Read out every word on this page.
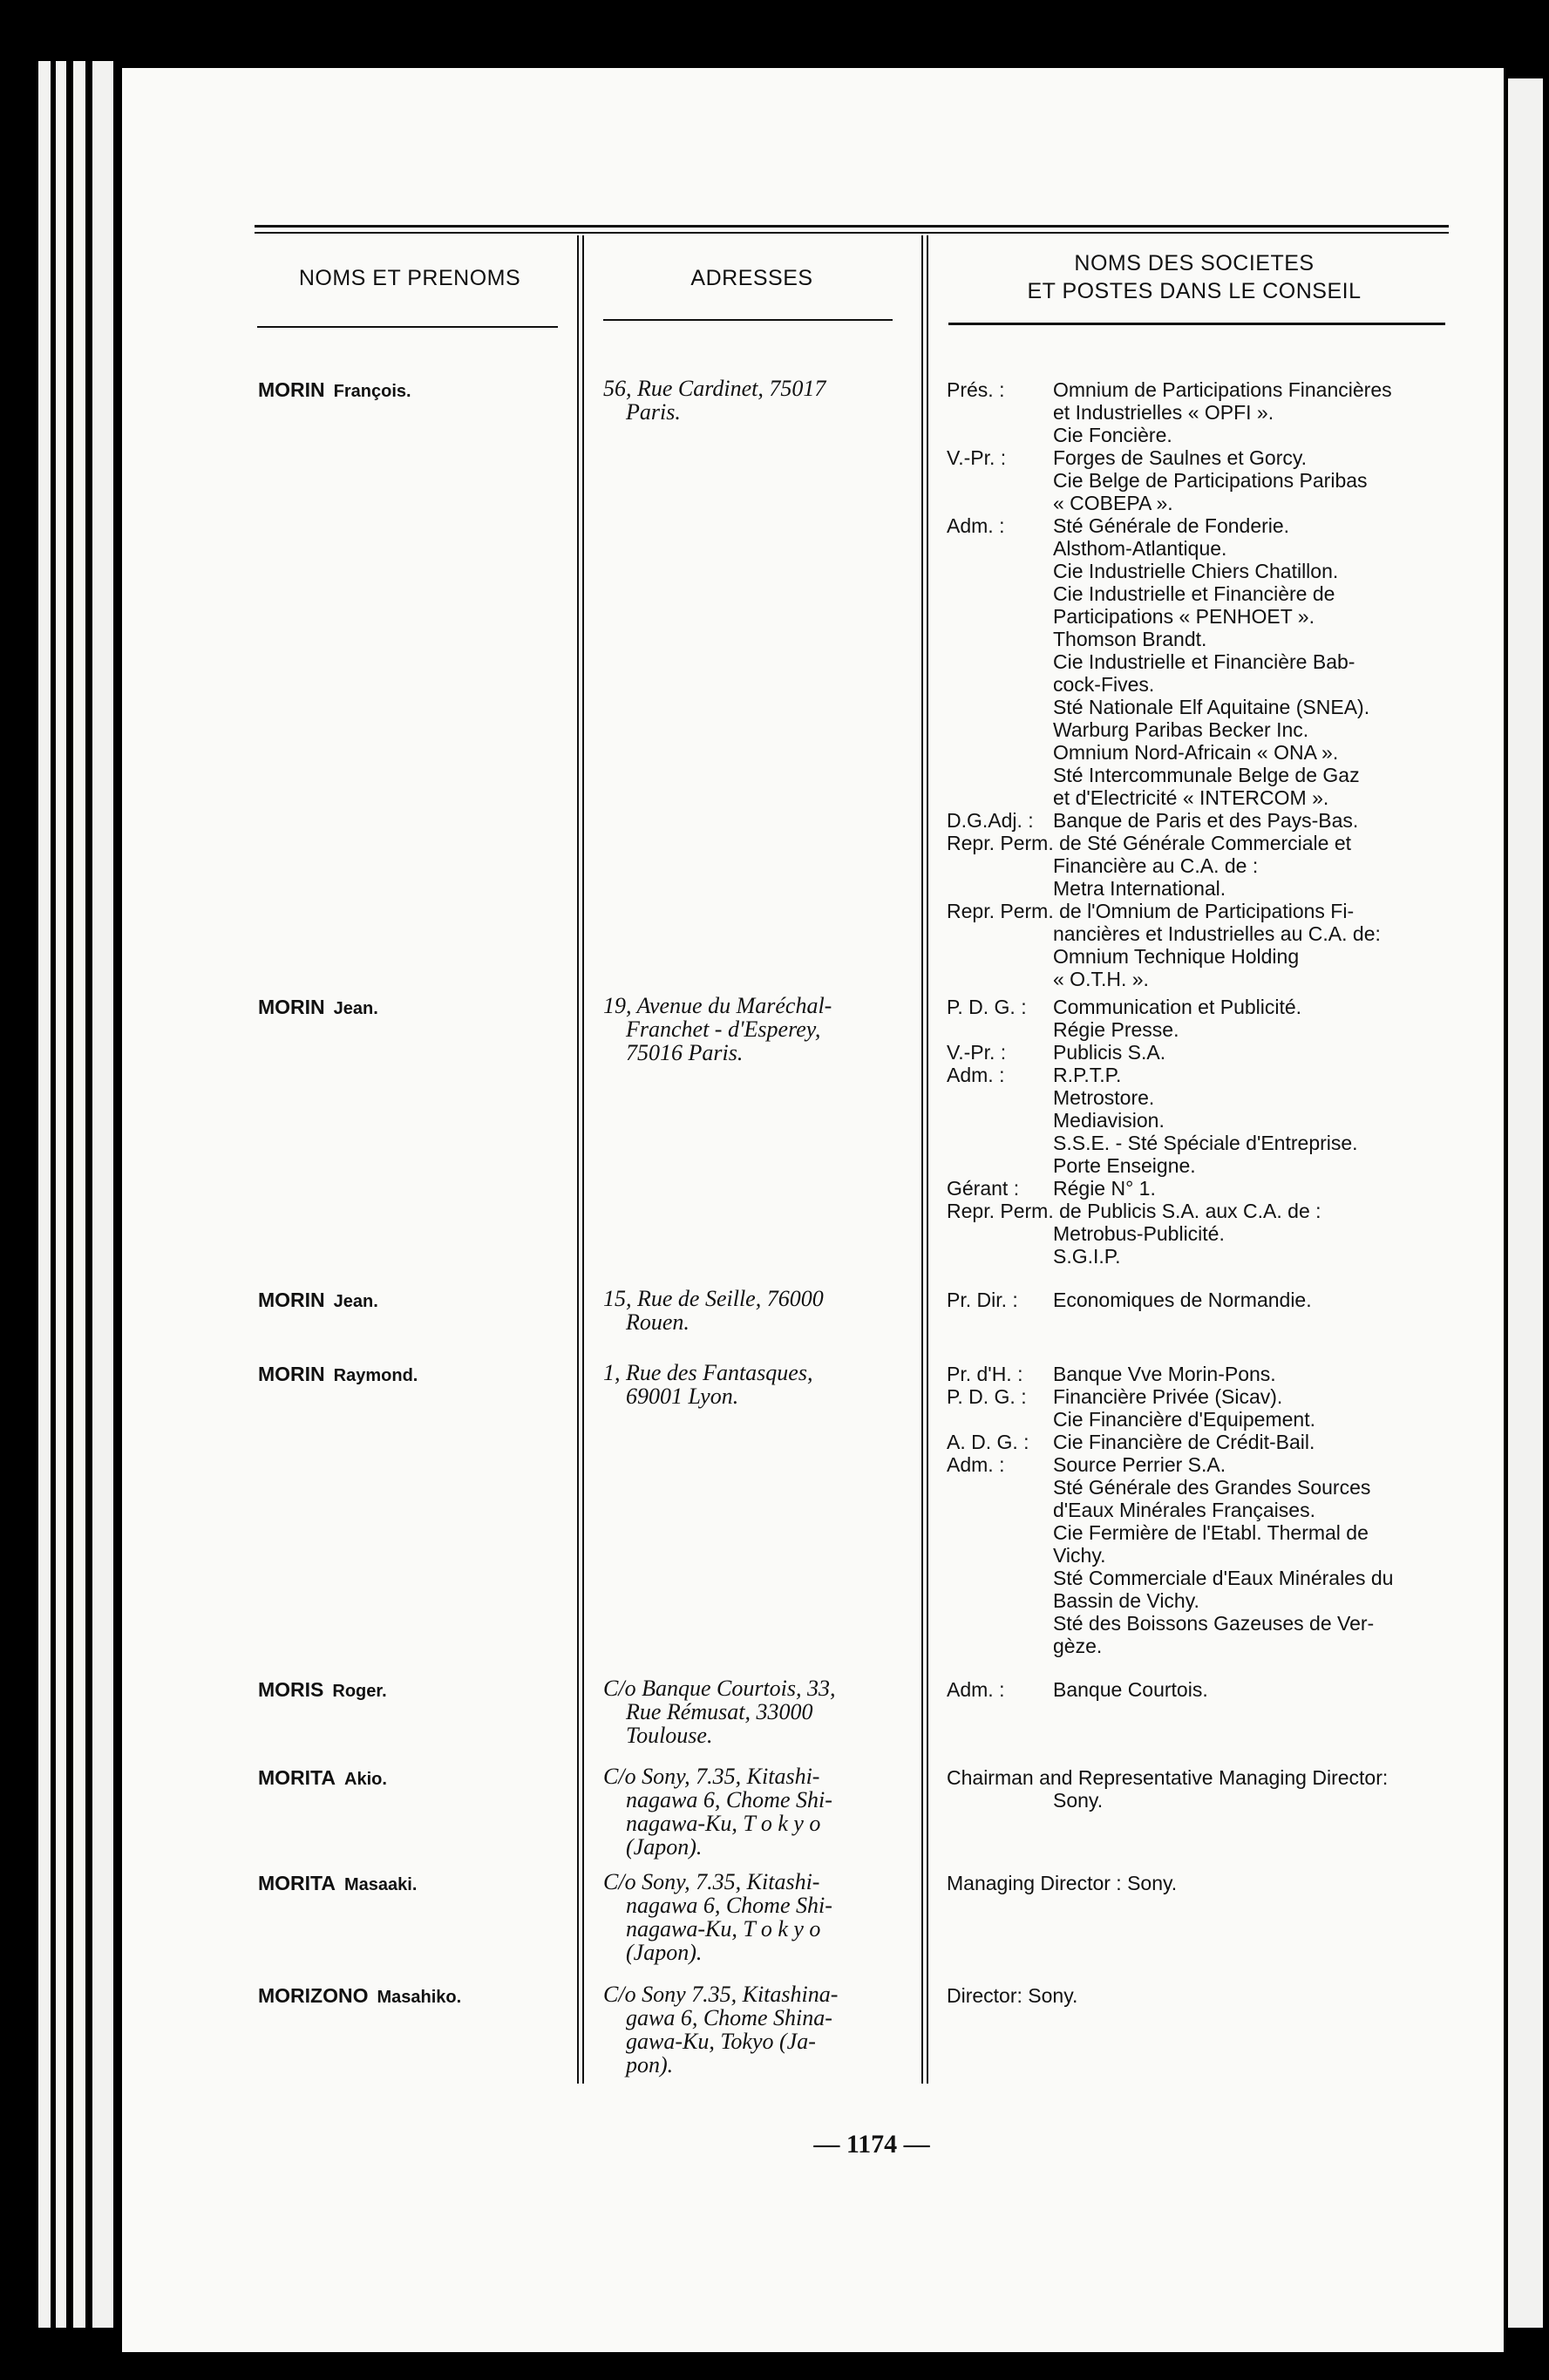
NOMS ET PRENOMS	ADRESSES
NOMS DES SOCIETES
ET POSTES DANS LE CONSEIL
MORIN François.	56, Rue Cardinet, 75017
Paris.
Prés. : Omnium de Participations Financières
et Industrielles « OPFI ».
Cie Foncière.
V.-Pr. : Forges de Saulnes et Gorcy.
Cie Belge de Participations Paribas
« COBEPA ».
Adm. : Sté Générale de Fonderie.
Alsthom-Atlantique.
Cie Industrielle Chiers Chatillon.
Cie Industrielle et Financière de
Participations « PENHOET ».
Thomson Brandt.
Cie Industrielle et Financière Bab-
cock-Fives.
Sté Nationale Elf Aquitaine (SNEA).
Warburg Paribas Becker Inc.
Omnium Nord-Africain « ONA ».
Sté Intercommunale Belge de Gaz
et d'Electricité « INTERCOM ».
D.G.Adj. : Banque de Paris et des Pays-Bas.
Repr. Perm. de Sté Générale Commerciale et
Financière au C.A. de :
Metra International.
Repr. Perm. de l'Omnium de Participations Fi-
nancières et Industrielles au C.A. de:
Omnium Technique Holding
« O.T.H. ».
MORIN Jean.	19, Avenue du Maréchal-
Franchet - d'Esperey,
75016 Paris.
P. D. G. : Communication et Publicité.
Régie Presse.
V.-Pr. : Publicis S.A.
Adm. : R.P.T.P.
Metrostore.
Mediavision.
S.S.E. - Sté Spéciale d'Entreprise.
Porte Enseigne.
Gérant : Régie N° 1.
Repr. Perm. de Publicis S.A. aux C.A. de :
Metrobus-Publicité.
S.G.I.P.
MORIN Jean.	15, Rue de Seille, 76000
Rouen.
Pr. Dir. : Economiques de Normandie.
MORIN Raymond.	1, Rue des Fantasques,
69001 Lyon.
Pr. d'H. : Banque Vve Morin-Pons.
P. D. G. : Financière Privée (Sicav).
Cie Financière d'Equipement.
A. D. G. : Cie Financière de Crédit-Bail.
Adm. : Source Perrier S.A.
Sté Générale des Grandes Sources
d'Eaux Minérales Françaises.
Cie Fermière de l'Etabl. Thermal de
Vichy.
Sté Commerciale d'Eaux Minérales du
Bassin de Vichy.
Sté des Boissons Gazeuses de Ver-
gèze.
MORIS Roger.	C/o Banque Courtois, 33,
Rue Rémusat, 33000
Toulouse.
Adm. : Banque Courtois.
MORITA Akio.	C/o Sony, 7.35, Kitashi-
nagawa 6, Chome Shi-
nagawa-Ku, T o k y o
(Japon).
Chairman and Representative Managing Director:
Sony.
MORITA Masaaki.	C/o Sony, 7.35, Kitashi-
nagawa 6, Chome Shi-
nagawa-Ku, T o k y o
(Japon).
Managing Director : Sony.
MORIZONO Masahiko.	C/o Sony 7.35, Kitashina-
gawa 6, Chome Shina-
gawa-Ku, Tokyo (Ja-
pon).
Director: Sony.
— 1174 —
